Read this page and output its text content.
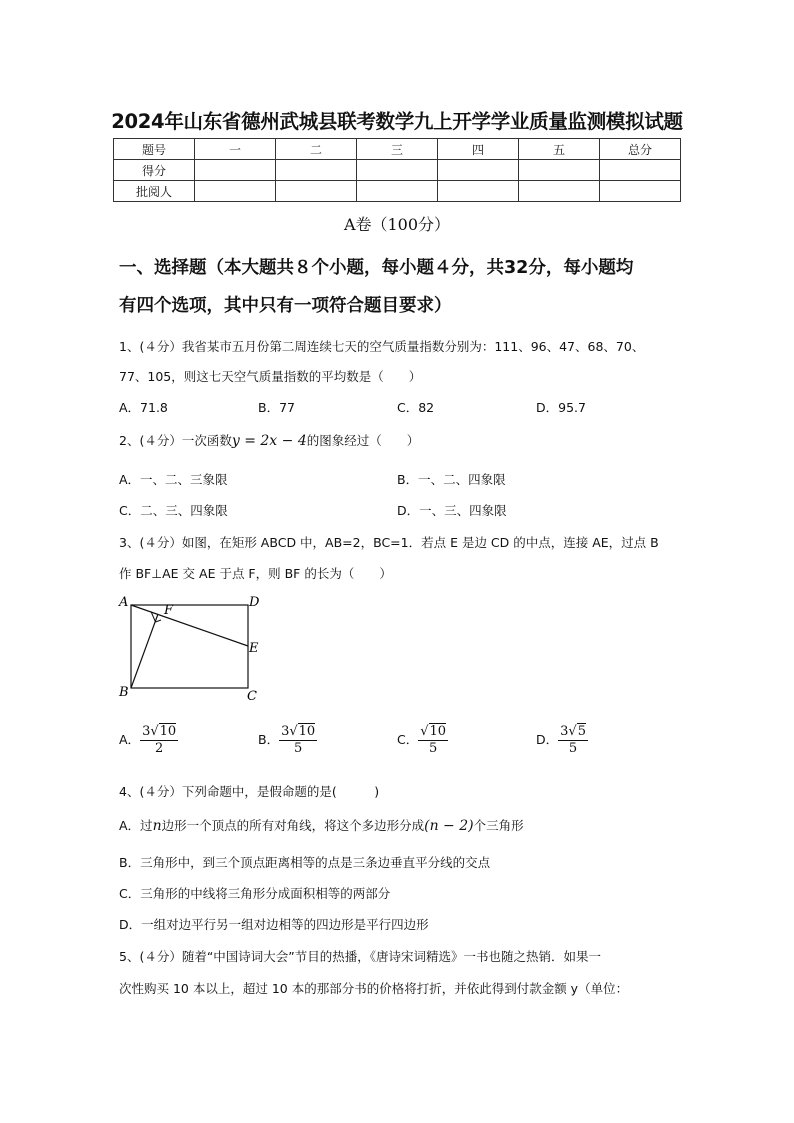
2024年山东省德州武城县联考数学九上开学学业质量监测模拟试题
题号	一	二	三	四	五	总分
得分						
批阅人						
A卷（100分）
一、选择题（本大题共８个小题，每小题４分，共32分，每小题均
有四个选项，其中只有一项符合题目要求）
1、(４分）我省某市五月份第二周连续七天的空气质量指数分别为：111、96、47、68、70、
77、105，则这七天空气质量指数的平均数是（　　）
A．71.8	B．77	C．82	D．95.7
2、(４分）一次函数y = 2x − 4的图象经过（　　）
A．一、二、三象限	B．一、二、四象限
C．二、三、四象限	D．一、三、四象限
3、(４分）如图，在矩形 ABCD 中，AB=2，BC=1．若点 E 是边 CD 的中点，连接 AE，过点 B
作 BF⊥AE 交 AE 于点 F，则 BF 的长为（　　）
A
B	C
D
E
F
A． $\frac{3√10}{2}$	B． $\frac{3√10}{5}$	C． $\frac{√10}{5}$	D． $\frac{3√5}{5}$
4、(４分）下列命题中，是假命题的是(　　　)
A．过n边形一个顶点的所有对角线，将这个多边形分成(n − 2)个三角形
B．三角形中，到三个顶点距离相等的点是三条边垂直平分线的交点
C．三角形的中线将三角形分成面积相等的两部分
D．一组对边平行另一组对边相等的四边形是平行四边形
5、(４分）随着“中国诗词大会”节目的热播，《唐诗宋词精选》一书也随之热销．如果一
次性购买 10 本以上，超过 10 本的那部分书的价格将打折，并依此得到付款金额 y（单位：
